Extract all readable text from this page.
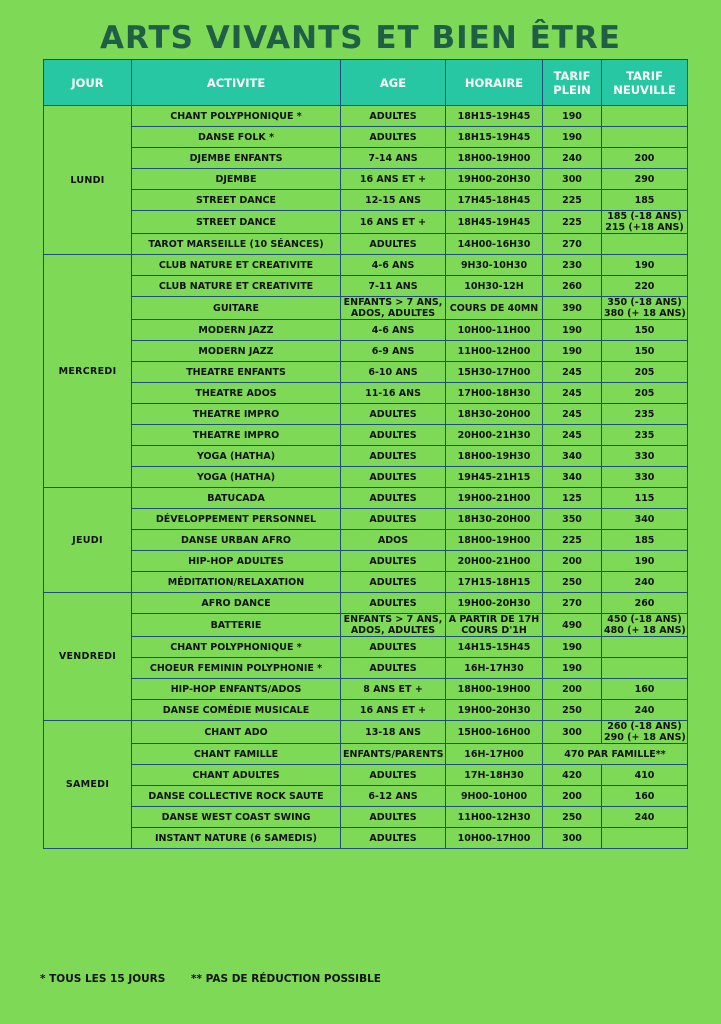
ARTS VIVANTS ET BIEN ÊTRE
JOUR	ACTIVITE	AGE	HORAIRE	TARIF PLEIN	TARIF NEUVILLE
LUNDI	CHANT POLYPHONIQUE *	ADULTES	18H15-19H45	190	
	DANSE FOLK *	ADULTES	18H15-19H45	190	
	DJEMBE ENFANTS	7-14 ANS	18H00-19H00	240	200
	DJEMBE	16 ANS ET +	19H00-20H30	300	290
	STREET DANCE	12-15 ANS	17H45-18H45	225	185
	STREET DANCE	16 ANS ET +	18H45-19H45	225	185 (-18 ANS)
215 (+18 ANS)
	TAROT MARSEILLE (10 SÉANCES)	ADULTES	14H00-16H30	270	
MERCREDI	CLUB NATURE ET CREATIVITE	4-6 ANS	9H30-10H30	230	190
	CLUB NATURE ET CREATIVITE	7-11 ANS	10H30-12H	260	220
	GUITARE	ENFANTS > 7 ANS,
ADOS, ADULTES	COURS DE 40MN	390	350 (-18 ANS)
380 (+ 18 ANS)
	MODERN JAZZ	4-6 ANS	10H00-11H00	190	150
	MODERN JAZZ	6-9 ANS	11H00-12H00	190	150
	THEATRE ENFANTS	6-10 ANS	15H30-17H00	245	205
	THEATRE ADOS	11-16 ANS	17H00-18H30	245	205
	THEATRE IMPRO	ADULTES	18H30-20H00	245	235
	THEATRE IMPRO	ADULTES	20H00-21H30	245	235
	YOGA (HATHA)	ADULTES	18H00-19H30	340	330
	YOGA (HATHA)	ADULTES	19H45-21H15	340	330
JEUDI	BATUCADA	ADULTES	19H00-21H00	125	115
	DÉVELOPPEMENT PERSONNEL	ADULTES	18H30-20H00	350	340
	DANSE URBAN AFRO	ADOS	18H00-19H00	225	185
	HIP-HOP ADULTES	ADULTES	20H00-21H00	200	190
	MÉDITATION/RELAXATION	ADULTES	17H15-18H15	250	240
VENDREDI	AFRO DANCE	ADULTES	19H00-20H30	270	260
	BATTERIE	ENFANTS > 7 ANS,
ADOS, ADULTES	A PARTIR DE 17H
COURS D'1H	490	450 (-18 ANS)
480 (+ 18 ANS)
	CHANT POLYPHONIQUE *	ADULTES	14H15-15H45	190	
	CHOEUR FEMININ POLYPHONIE *	ADULTES	16H-17H30	190	
	HIP-HOP ENFANTS/ADOS	8 ANS ET +	18H00-19H00	200	160
	DANSE COMÉDIE MUSICALE	16 ANS ET +	19H00-20H30	250	240
SAMEDI	CHANT ADO	13-18 ANS	15H00-16H00	300	260 (-18 ANS)
290 (+ 18 ANS)
	CHANT FAMILLE	ENFANTS/PARENTS	16H-17H00	470 PAR FAMILLE**	
	CHANT ADULTES	ADULTES	17H-18H30	420	410
	DANSE COLLECTIVE ROCK SAUTE	6-12 ANS	9H00-10H00	200	160
	DANSE WEST COAST SWING	ADULTES	11H00-12H30	250	240
	INSTANT NATURE (6 SAMEDIS)	ADULTES	10H00-17H00	300	
* TOUS LES 15 JOURS ** PAS DE RÉDUCTION POSSIBLE
